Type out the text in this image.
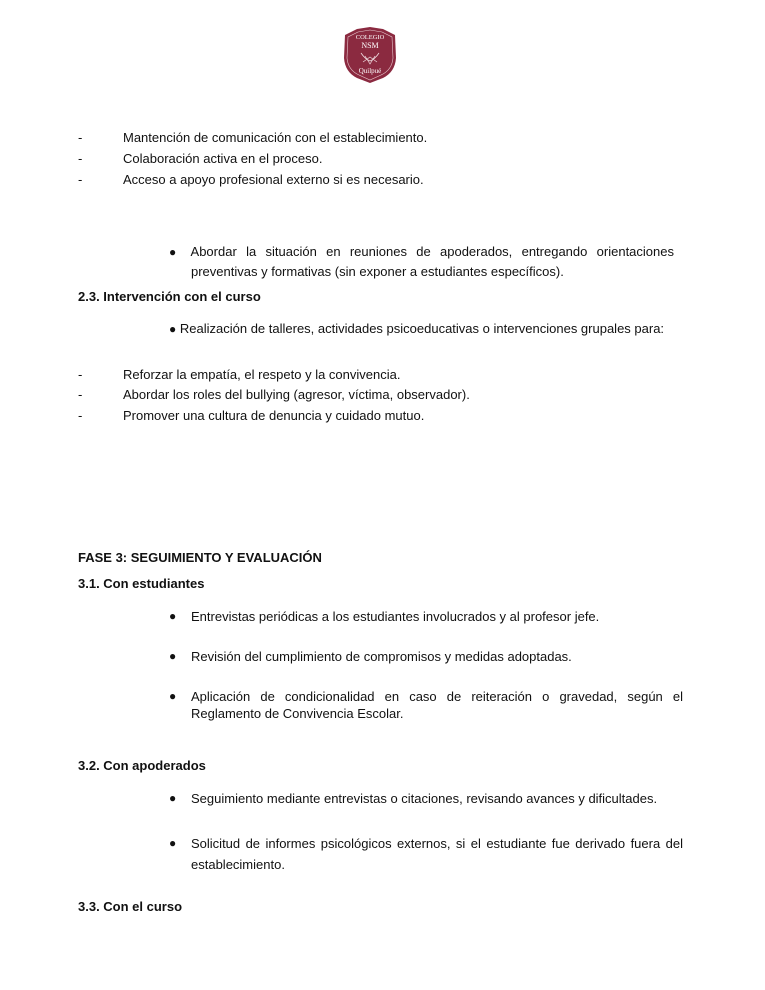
COLEGIO
NSM
Quilpué
-	Mantención de comunicación con el establecimiento.
-	Colaboración activa en el proceso.
-	Acceso a apoyo profesional externo si es necesario.
● Abordar la situación en reuniones de apoderados, entregando orientaciones
preventivas y formativas (sin exponer a estudiantes específicos).
2.3. Intervención con el curso
● Realización de talleres, actividades psicoeducativas o intervenciones grupales para:
-	Reforzar la empatía, el respeto y la convivencia.
-	Abordar los roles del bullying (agresor, víctima, observador).
-	Promover una cultura de denuncia y cuidado mutuo.
FASE 3: SEGUIMIENTO Y EVALUACIÓN
3.1. Con estudiantes
● Entrevistas periódicas a los estudiantes involucrados y al profesor jefe.
● Revisión del cumplimiento de compromisos y medidas adoptadas.
● Aplicación de condicionalidad en caso de reiteración o gravedad, según el
Reglamento de Convivencia Escolar.
3.2. Con apoderados
● Seguimiento mediante entrevistas o citaciones, revisando avances y dificultades.
● Solicitud de informes psicológicos externos, si el estudiante fue derivado fuera del
establecimiento.
3.3. Con el curso
